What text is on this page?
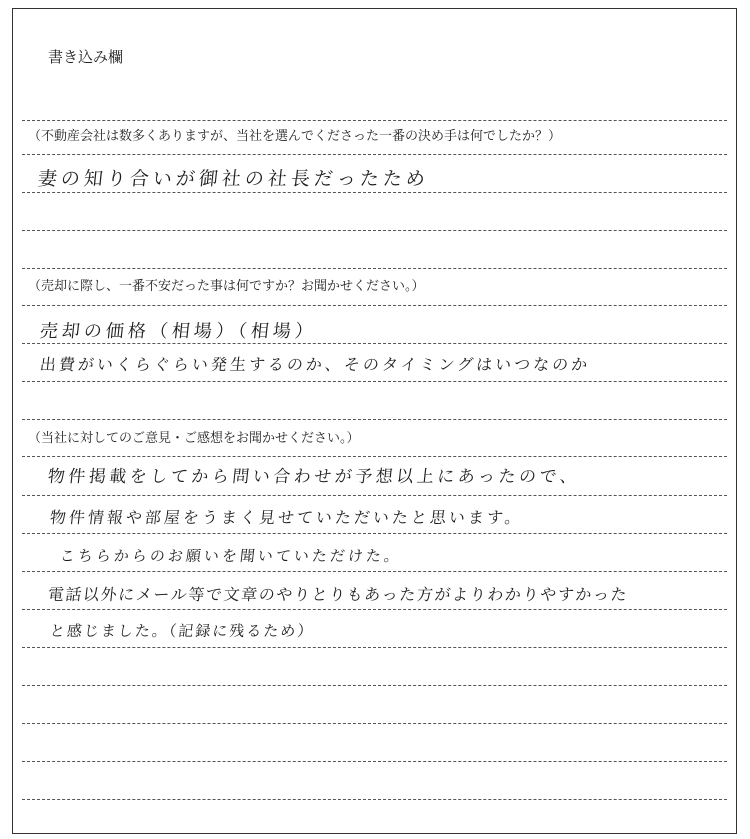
書き込み欄
（不動産会社は数多くありますが、当社を選んでくださった一番の決め手は何でしたか？）
妻の知り合いが御社の社長だったため
（売却に際し、一番不安だった事は何ですか？お聞かせください。）
売却の価格（相場）（相場）
出費がいくらぐらい発生するのか、そのタイミングはいつなのか
（当社に対してのご意見・ご感想をお聞かせください。）
物件掲載をしてから問い合わせが予想以上にあったので、
物件情報や部屋をうまく見せていただいたと思います。
こちらからのお願いを聞いていただけた。
電話以外にメール等で文章のやりとりもあった方がよりわかりやすかった
と感じました。（記録に残るため）
